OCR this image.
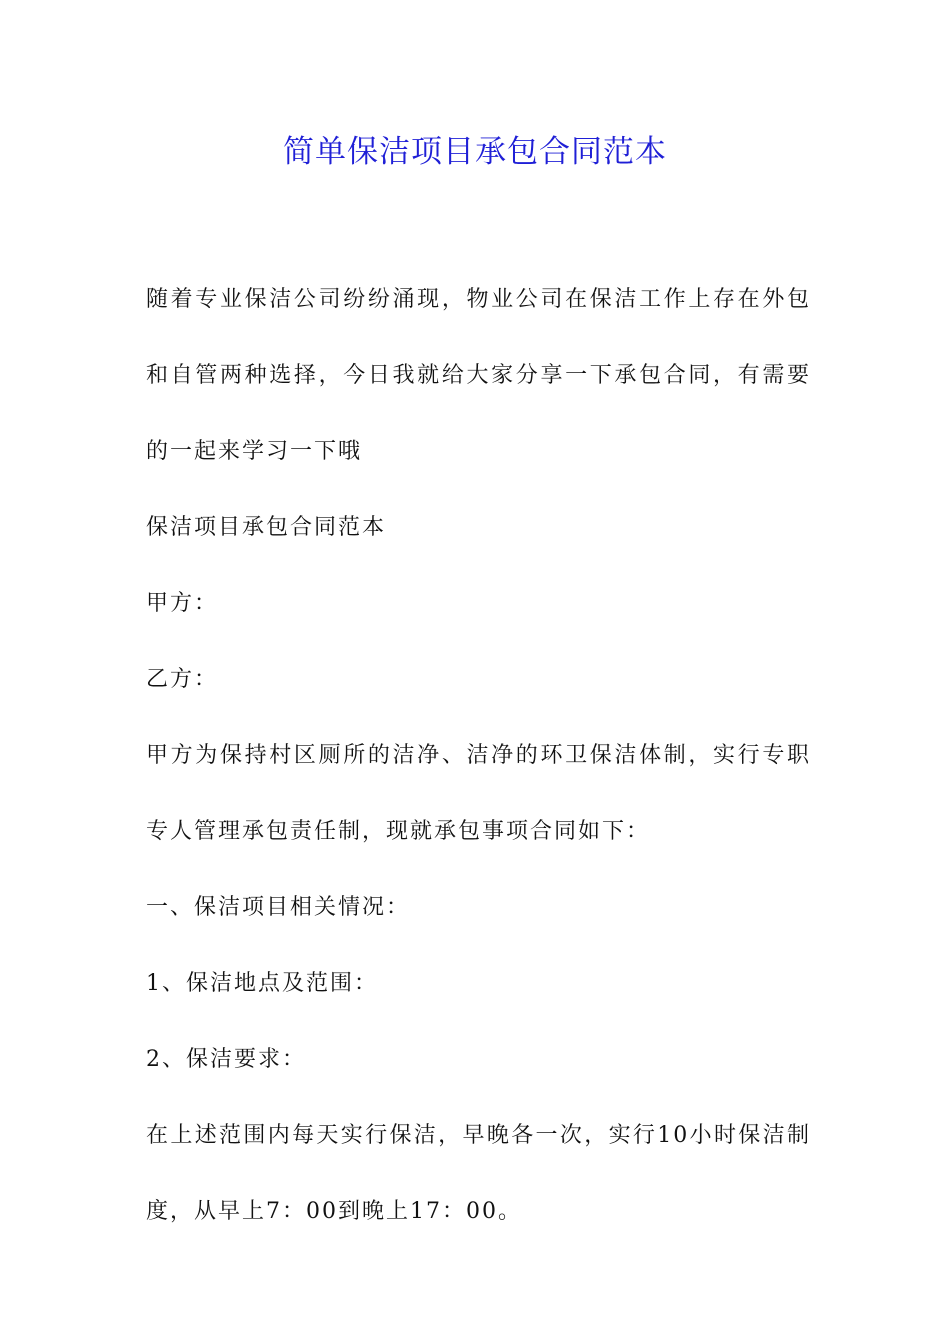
简单保洁项目承包合同范本

随着专业保洁公司纷纷涌现，物业公司在保洁工作上存在外包和自管两种选择，今日我就给大家分享一下承包合同，有需要的一起来学习一下哦

保洁项目承包合同范本

甲方：

乙方：

甲方为保持村区厕所的洁净、洁净的环卫保洁体制，实行专职专人管理承包责任制，现就承包事项合同如下：

一、保洁项目相关情况：

1、保洁地点及范围：

2、保洁要求：

在上述范围内每天实行保洁，早晚各一次，实行10小时保洁制度，从早上7：00到晚上17：00。
